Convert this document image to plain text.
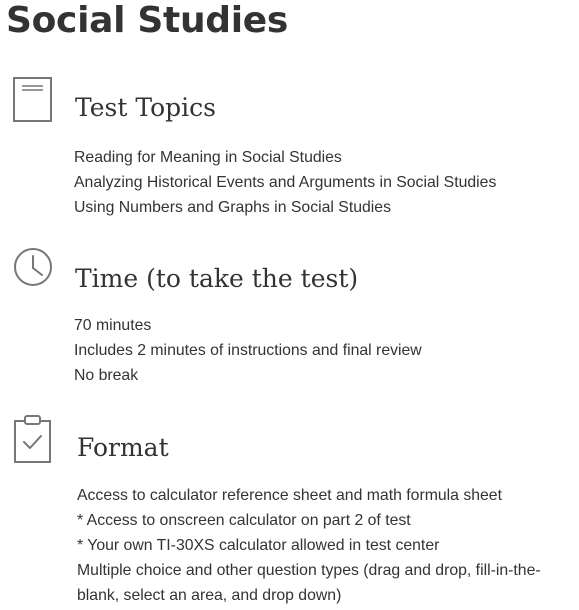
Social Studies
Test Topics
Reading for Meaning in Social Studies
Analyzing Historical Events and Arguments in Social Studies
Using Numbers and Graphs in Social Studies
Time (to take the test)
70 minutes
Includes 2 minutes of instructions and final review
No break
Format
Access to calculator reference sheet and math formula sheet
* Access to onscreen calculator on part 2 of test
* Your own TI-30XS calculator allowed in test center
Multiple choice and other question types (drag and drop, fill-in-the-blank, select an area, and drop down)
